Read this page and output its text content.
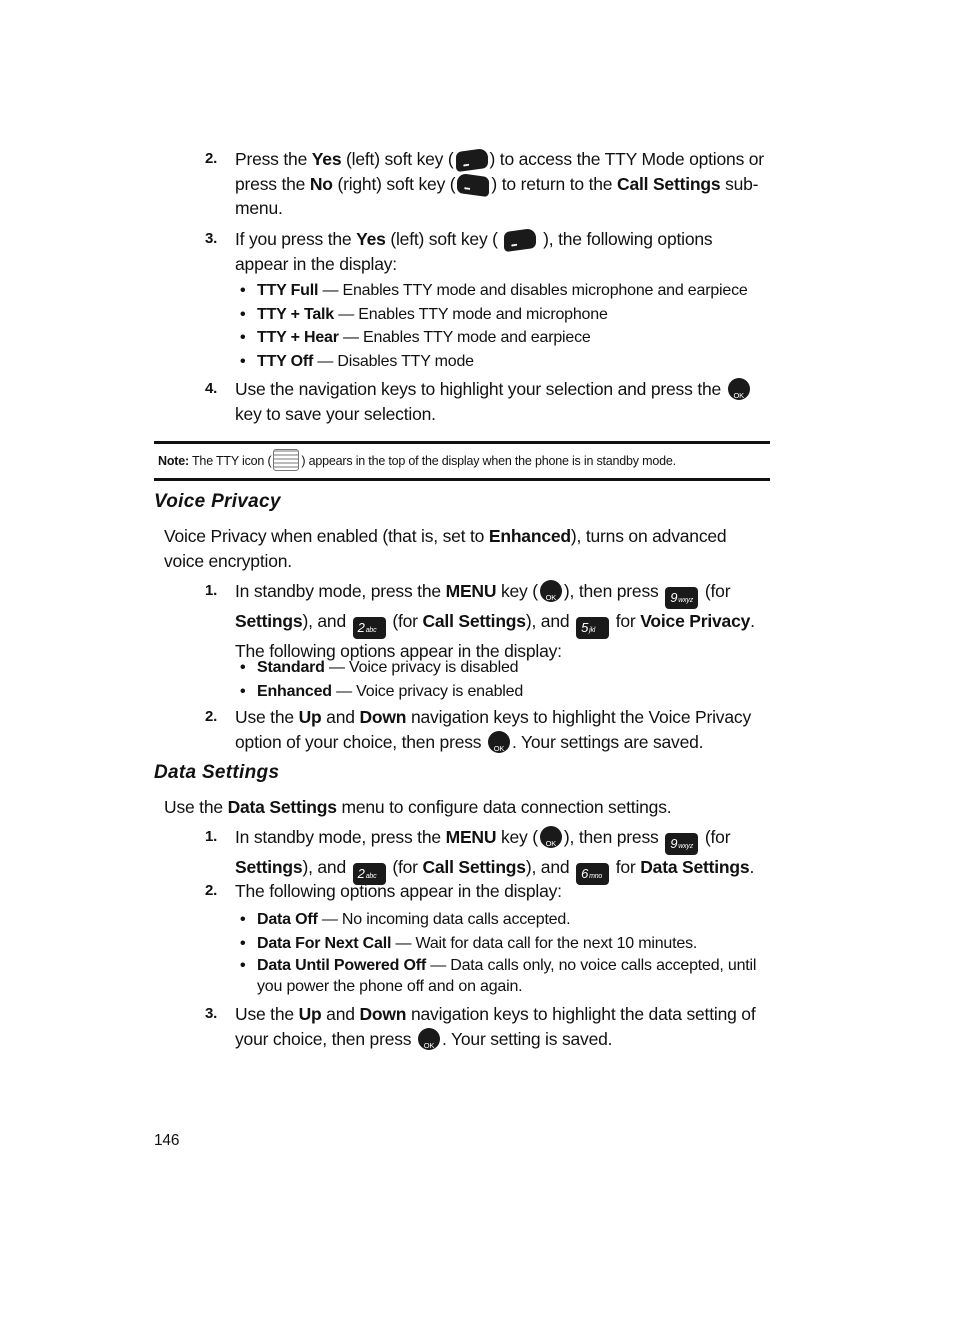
2.	Press the Yes (left) soft key ( ••• ) to access the TTY Mode options or press the No (right) soft key ( ••• ) to return to the Call Settings sub-menu.
3.	If you press the Yes (left) soft key ( ••• ), the following options appear in the display:
• TTY Full — Enables TTY mode and disables microphone and earpiece
• TTY + Talk — Enables TTY mode and microphone
• TTY + Hear — Enables TTY mode and earpiece
• TTY Off — Disables TTY mode
4.	Use the navigation keys to highlight your selection and press the OK key to save your selection.
Note: The TTY icon ( ) appears in the top of the display when the phone is in standby mode.
Voice Privacy
Voice Privacy when enabled (that is, set to Enhanced), turns on advanced voice encryption.
1.	In standby mode, press the MENU key ( OK ), then press 9wxyz (for Settings), and 2abc (for Call Settings), and 5jkl for Voice Privacy. The following options appear in the display:
• Standard — Voice privacy is disabled
• Enhanced — Voice privacy is enabled
2.	Use the Up and Down navigation keys to highlight the Voice Privacy option of your choice, then press OK. Your settings are saved.
Data Settings
Use the Data Settings menu to configure data connection settings.
1.	In standby mode, press the MENU key ( OK ), then press 9wxyz (for Settings), and 2abc (for Call Settings), and 6mno for Data Settings.
2.	The following options appear in the display:
• Data Off — No incoming data calls accepted.
• Data For Next Call — Wait for data call for the next 10 minutes.
• Data Until Powered Off — Data calls only, no voice calls accepted, until you power the phone off and on again.
3.	Use the Up and Down navigation keys to highlight the data setting of your choice, then press OK. Your setting is saved.
146
